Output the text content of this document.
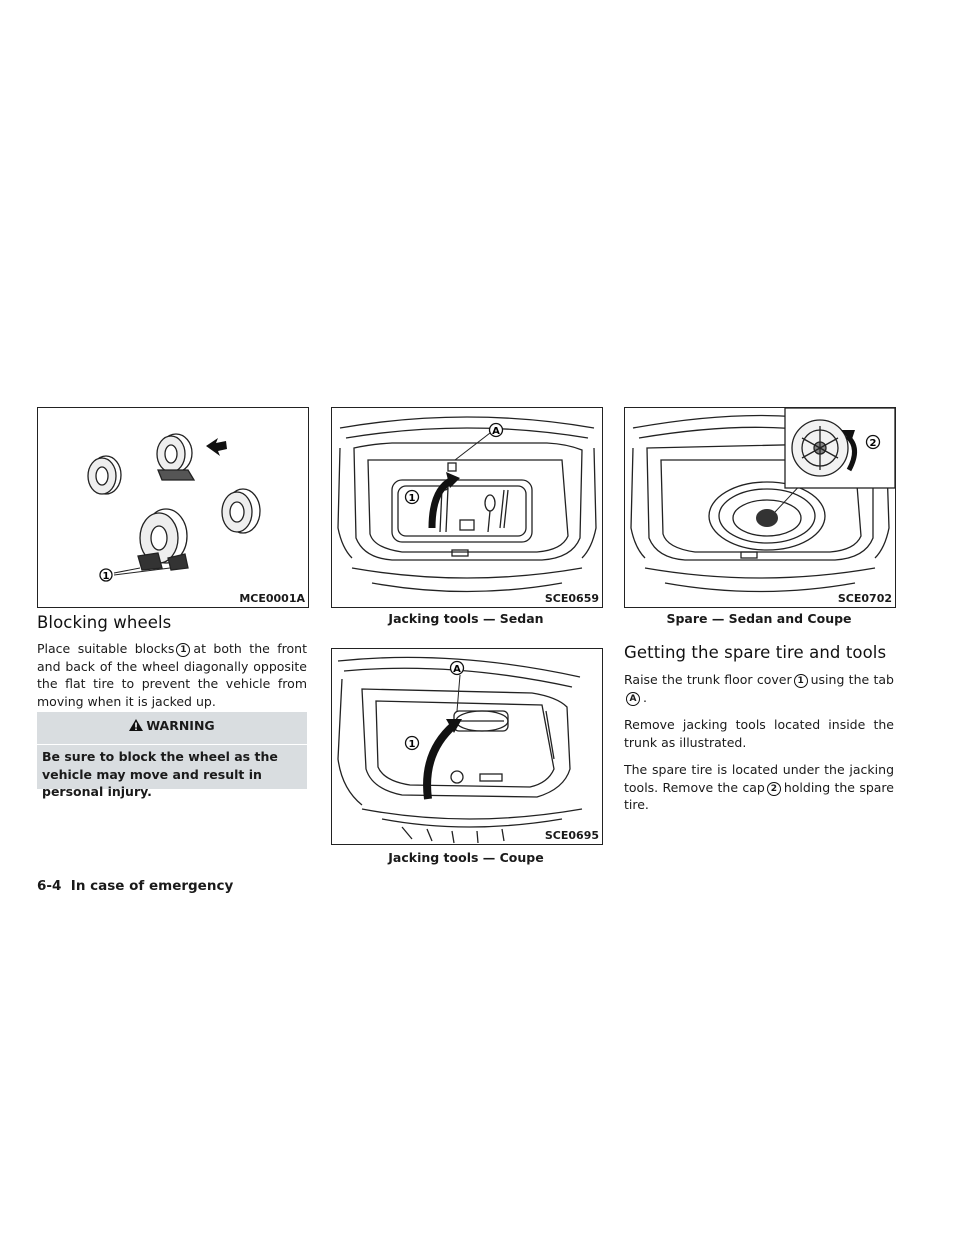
1
MCE0001A
A
1
SCE0659
Jacking tools — Sedan
2
SCE0702
Spare — Sedan and Coupe
A
1
SCE0695
Jacking tools — Coupe
Blocking wheels
Place suitable blocks 1 at both the front and back of the wheel diagonally opposite the flat tire to prevent the vehicle from moving when it is jacked up.
WARNING
Be sure to block the wheel as the vehicle may move and result in personal injury.
Getting the spare tire and tools

Raise the trunk floor cover 1 using the tab A .

Remove jacking tools located inside the trunk as illustrated.

The spare tire is located under the jacking tools. Remove the cap 2 holding the spare tire.

6-4 In case of emergency
